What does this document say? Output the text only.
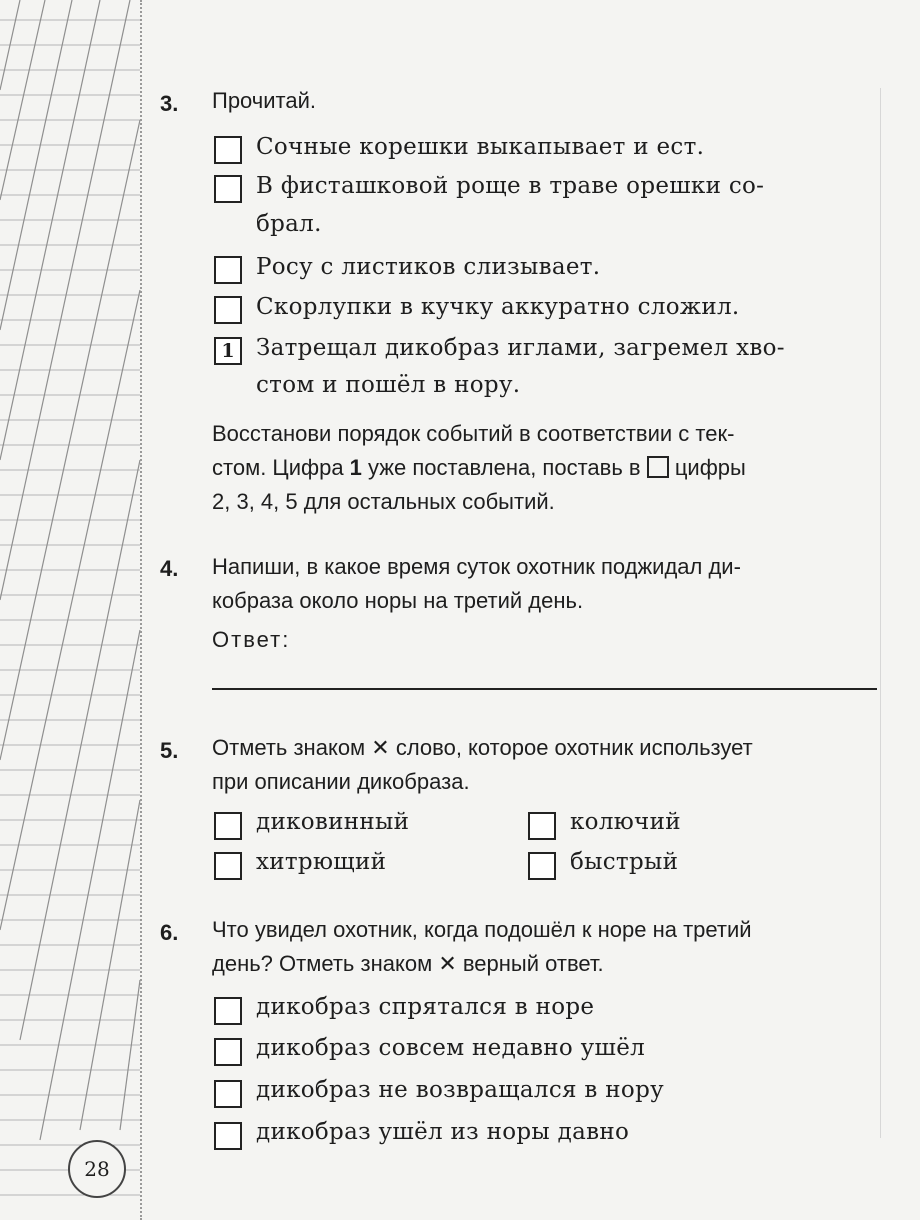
3. Прочитай.
Сочные корешки выкапывает и ест.
В фисташковой роще в траве орешки со-
брал.
Росу с листиков слизывает.
Скорлупки в кучку аккуратно сложил.
1 Затрещал дикобраз иглами, загремел хво-
стом и пошёл в нору.
Восстанови порядок событий в соответствии с тек-
стом. Цифра 1 уже поставлена, поставь в  цифры
2, 3, 4, 5 для остальных событий.
4. Напиши, в какое время суток охотник поджидал ди-
кобраза около норы на третий день.
Ответ:
5. Отметь знаком ✕ слово, которое охотник использует
при описании дикобраза.
диковинный	колючий
хитрющий	быстрый
6. Что увидел охотник, когда подошёл к норе на третий
день? Отметь знаком ✕ верный ответ.
дикобраз спрятался в норе
дикобраз совсем недавно ушёл
дикобраз не возвращался в нору
дикобраз ушёл из норы давно
28
